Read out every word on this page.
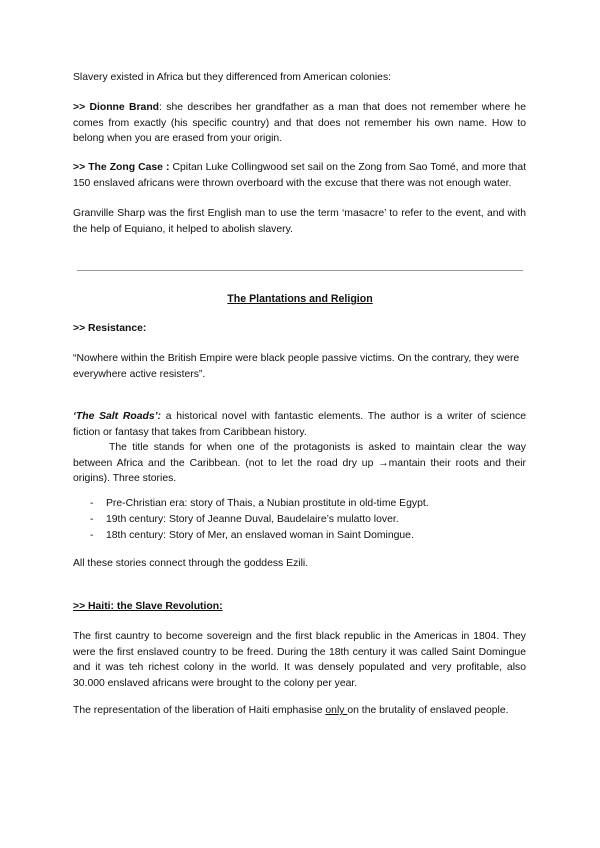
Slavery existed in Africa but they differenced from American colonies:

>> Dionne Brand: she describes her grandfather as a man that does not remember where he comes from exactly (his specific country) and that does not remember his own name. How to belong when you are erased from your origin.

>> The Zong Case : Cpitan Luke Collingwood set sail on the Zong from Sao Tomé, and more that 150 enslaved africans were thrown overboard with the excuse that there was not enough water.

Granville Sharp was the first English man to use the term ‘masacre’ to refer to the event, and with the help of Equiano, it helped to abolish slavery.

The Plantations and Religion

>> Resistance:

“Nowhere within the British Empire were black people passive victims. On the contrary, they were everywhere active resisters”.

‘The Salt Roads’: a historical novel with fantastic elements. The author is a writer of science fiction or fantasy that takes from Caribbean history.

The title stands for when one of the protagonists is asked to maintain clear the way between Africa and the Caribbean. (not to let the road dry up →mantain their roots and their origins). Three stories.

- Pre-Christian era: story of Thais, a Nubian prostitute in old-time Egypt.
- 19th century: Story of Jeanne Duval, Baudelaire’s mulatto lover.
- 18th century: Story of Mer, an enslaved woman in Saint Domingue.

All these stories connect through the goddess Ezili.

>> Haiti: the Slave Revolution:

The first cauntry to become sovereign and the first black republic in the Americas in 1804. They were the first enslaved country to be freed. During the 18th century it was called Saint Domingue and it was teh richest colony in the world. It was densely populated and very profitable, also 30.000 enslaved africans were brought to the colony per year.

The representation of the liberation of Haiti emphasise only on the brutality of enslaved people.
